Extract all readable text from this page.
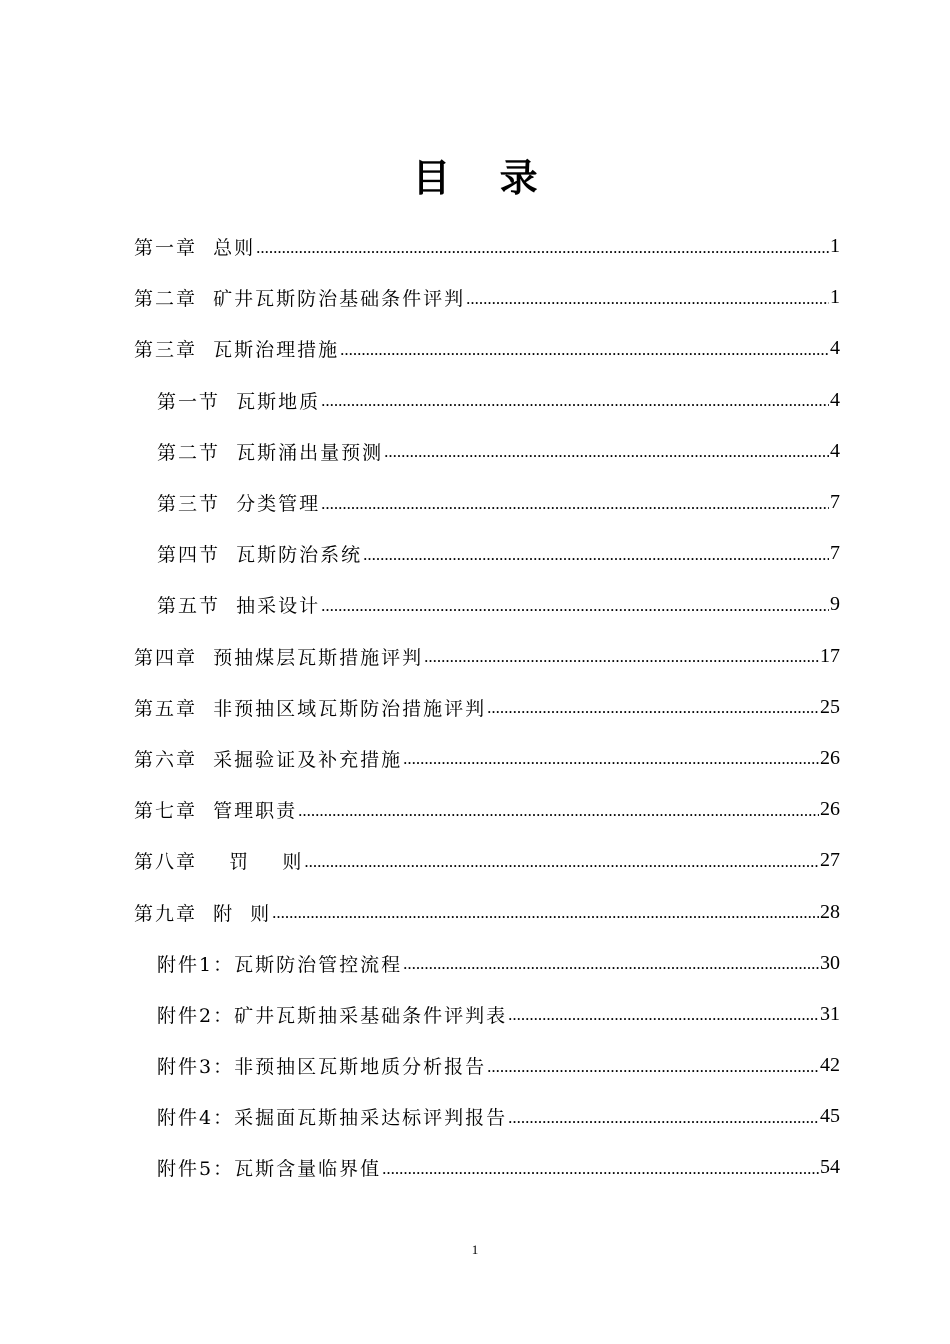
目 录
第一章  总则 .....	1
第二章  矿井瓦斯防治基础条件评判 .....	1
第三章  瓦斯治理措施 .....	4
第一节  瓦斯地质 .....	4
第二节  瓦斯涌出量预测 .....	4
第三节  分类管理 .....	7
第四节  瓦斯防治系统 .....	7
第五节  抽采设计 .....	9
第四章  预抽煤层瓦斯措施评判 .....	17
第五章  非预抽区域瓦斯防治措施评判 .....	25
第六章  采掘验证及补充措施 .....	26
第七章  管理职责 .....	26
第八章    罚    则 .....	27
第九章  附  则 .....	28
附件1：瓦斯防治管控流程 .....	30
附件2：矿井瓦斯抽采基础条件评判表 .....	31
附件3：非预抽区瓦斯地质分析报告 .....	42
附件4：采掘面瓦斯抽采达标评判报告 .....	45
附件5：瓦斯含量临界值 .....	54
1
